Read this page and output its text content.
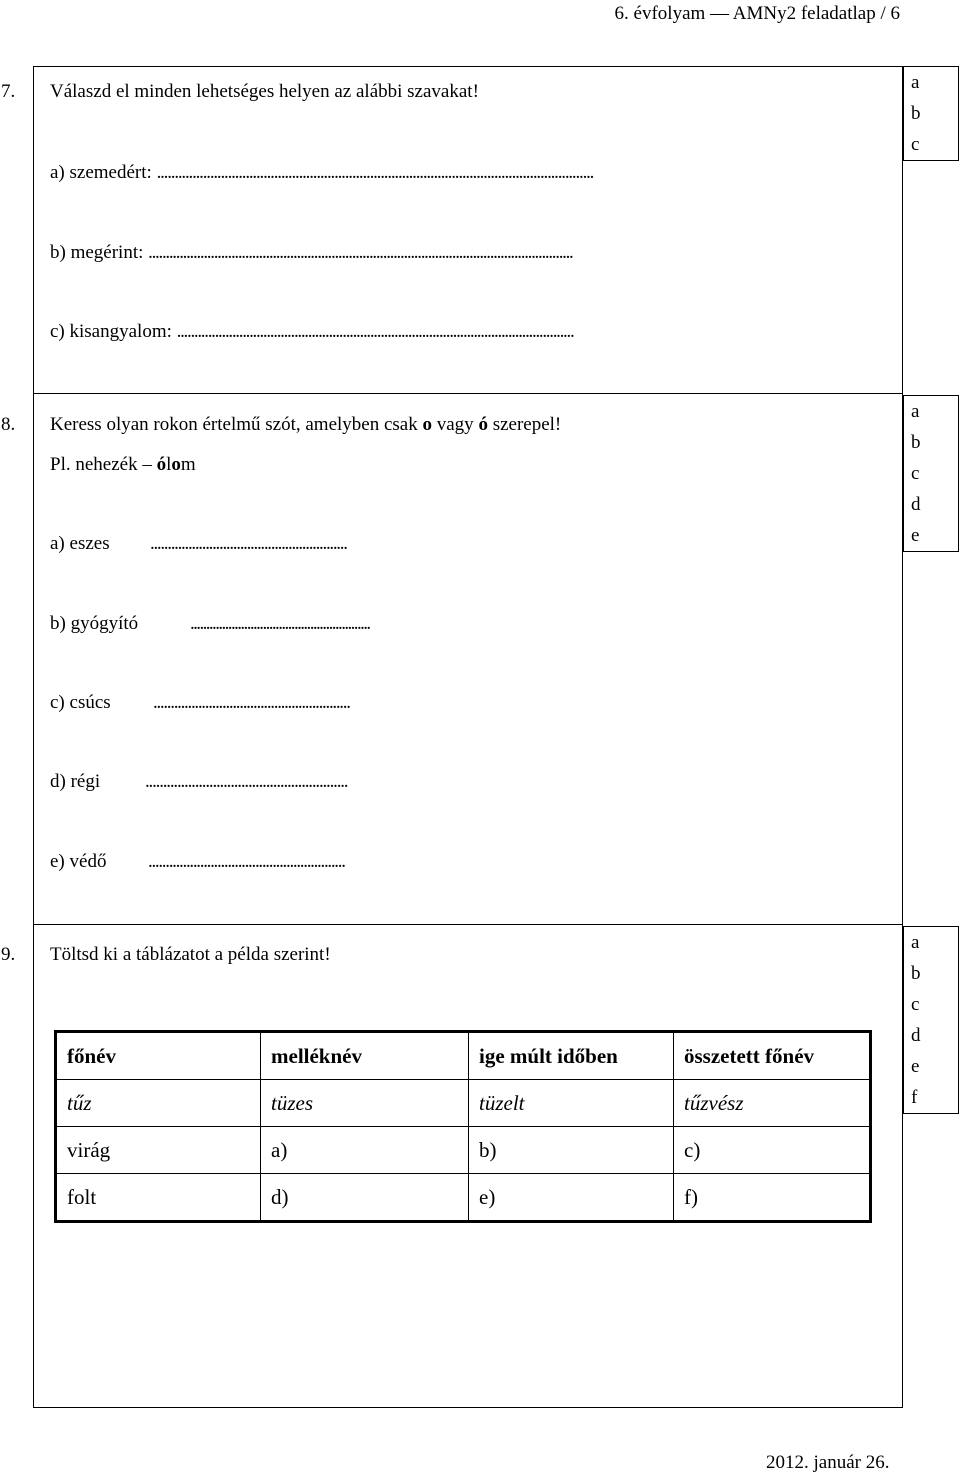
6. évfolyam — AMNy2 feladatlap / 6
7. Válaszd el minden lehetséges helyen az alábbi szavakat!
a) szemedért: ...........................................................................................................................
b) megérint: ...........................................................................................................................
c) kisangyalom: ...................................................................................................................
a
b
c
8. Keress olyan rokon értelmű szót, amelyben csak o vagy ó szerepel!
Pl. nehezék – ólom
a) eszes .........................................................
b) gyógyító	.........................................................
c) csúcs .........................................................
d) régi .........................................................
e) védő .........................................................
a
b
c
d
e
9. Töltsd ki a táblázatot a példa szerint!
főnév	melléknév	ige múlt időben	összetett főnév
tűz	tüzes	tüzelt	tűzvész
virág	a)	b)	c)
folt	d)	e)	f)
a
b
c
d
e
f
2012. január 26.
